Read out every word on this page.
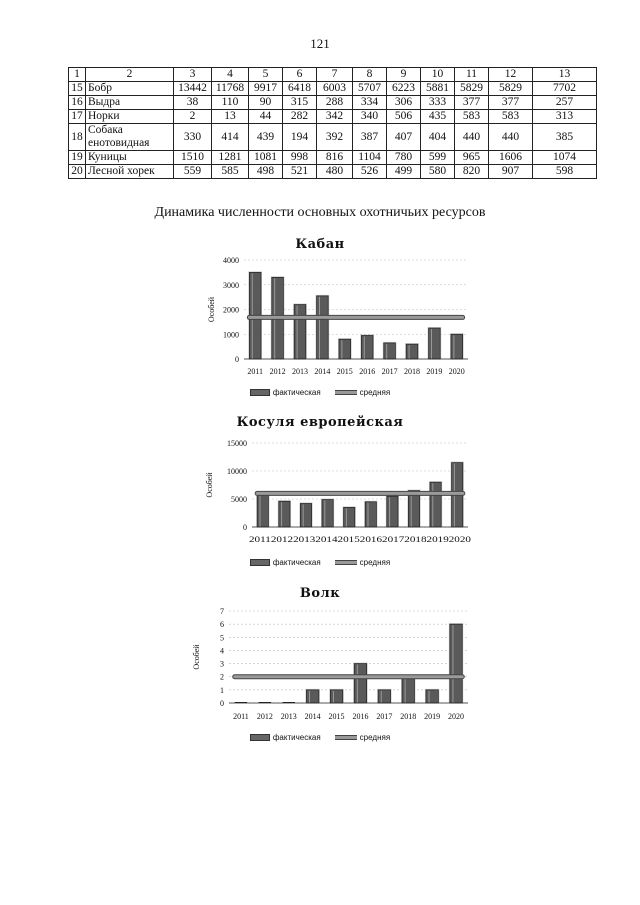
121
1	2	3	4	5	6	7	8	9	10	11	12	13
15	Бобр	13442	11768	9917	6418	6003	5707	6223	5881	5829	5829	7702
16	Выдра	38	110	90	315	288	334	306	333	377	377	257
17	Норки	2	13	44	282	342	340	506	435	583	583	313
18	Собака енотовидная	330	414	439	194	392	387	407	404	440	440	385
19	Куницы	1510	1281	1081	998	816	1104	780	599	965	1606	1074
20	Лесной хорек	559	585	498	521	480	526	499	580	820	907	598
Динамика численности основных охотничьих ресурсов
Кабан
0
1000
2000
3000
4000
Особей
2011 2012 2013 2014 2015 2016 2017 2018 2019 2020
фактическая	средняя
Косуля европейская
0
5000
10000
15000
Особей
2011201220132014201520162017201820192020
фактическая	средняя
Волк
0
1
2
3
4
5
6
7
Особей
2011 2012 2013 2014 2015 2016 2017 2018 2019 2020
фактическая	средняя
